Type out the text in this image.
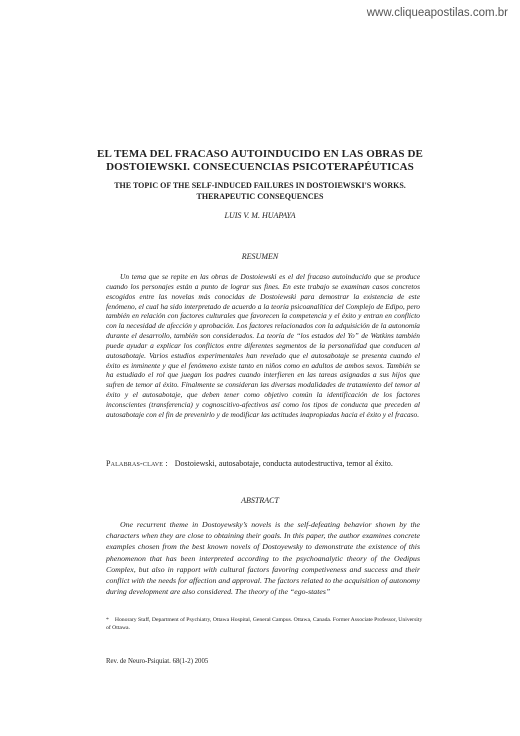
www.cliqueapostilas.com.br
EL TEMA DEL FRACASO AUTOINDUCIDO EN LAS OBRAS DE
DOSTOIEWSKI. CONSECUENCIAS PSICOTERAPÉUTICAS
THE TOPIC OF THE SELF-INDUCED FAILURES IN DOSTOIEWSKI'S WORKS.
THERAPEUTIC CONSEQUENCES
LUIS V. M. HUAPAYA
RESUMEN

Un tema que se repite en las obras de Dostoiewski es el del fracaso autoinducido que se produce cuando los personajes están a punto de lograr sus fines. En este trabajo se examinan casos concretos escogidos entre las novelas más conocidas de Dostoiewski para demostrar la existencia de este fenómeno, el cual ha sido interpretado de acuerdo a la teoría psicoanalítica del Complejo de Edipo, pero también en relación con factores culturales que favorecen la competencia y el éxito y entran en conflicto con la necesidad de afección y aprobación. Los factores relacionados con la adquisición de la autonomía durante el desarrollo, también son considerados. La teoría de “los estados del Yo” de Watkins también puede ayudar a explicar los conflictos entre diferentes segmentos de la personalidad que conducen al autosabotaje. Varios estudios experimentales han revelado que el autosabotaje se presenta cuando el éxito es inminente y que el fenómeno existe tanto en niños como en adultos de ambos sexos. También se ha estudiado el rol que juegan los padres cuando interfieren en las tareas asignadas a sus hijos que sufren de temor al éxito. Finalmente se consideran las diversas modalidades de tratamiento del temor al éxito y el autosabotaje, que deben tener como objetivo común la identificación de los factores inconscientes (transferencia) y cognoscitivo-afectivos así como los tipos de conducta que preceden al autosabotaje con el fin de prevenirlo y de modificar las actitudes inapropiadas hacia el éxito y el fracaso.

Palabras-clave : Dostoiewski, autosabotaje, conducta autodestructiva, temor al éxito.
ABSTRACT

One recurrent theme in Dostoyewsky’s novels is the self-defeating behavior shown by the characters when they are close to obtaining their goals. In this paper, the author examines concrete examples chosen from the best known novels of Dostoyewsky to demonstrate the existence of this phenomenon that has been interpreted according to the psychoanalytic theory of the Oedipus Complex, but also in rapport with cultural factors favoring competiveness and success and their conflict with the needs for affection and approval. The factors related to the acquisition of autonomy during development are also considered. The theory of the “ego-states”

* Honorary Staff, Department of Psychiatry, Ottawa Hospital, General Campus. Ottawa, Canada. Former Associate Professor, University of Ottawa.
Rev. de Neuro-Psiquiat. 68(1-2) 2005
